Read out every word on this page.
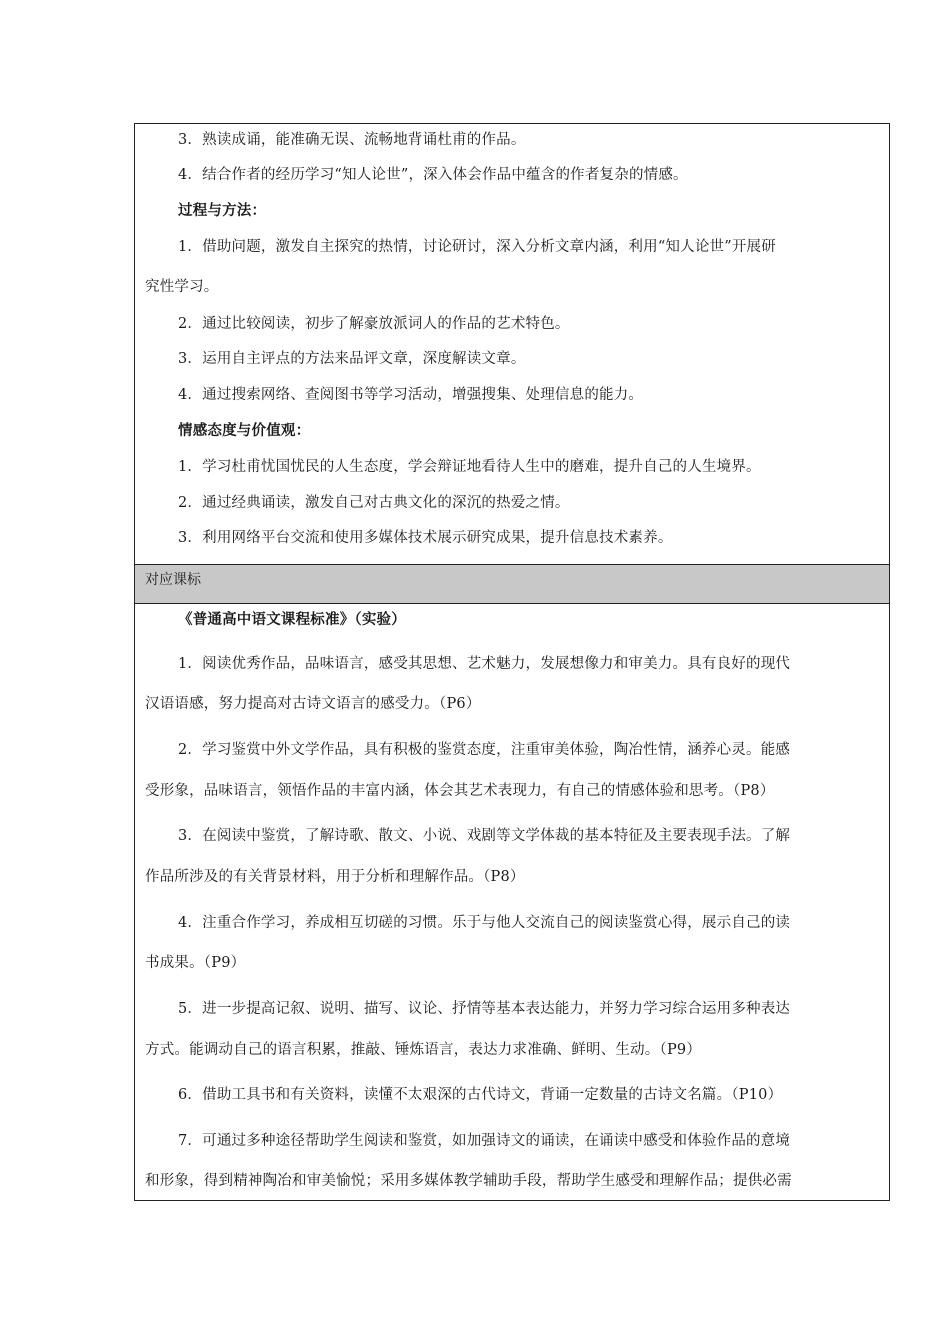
3．熟读成诵，能准确无误、流畅地背诵杜甫的作品。
4．结合作者的经历学习“知人论世”，深入体会作品中蕴含的作者复杂的情感。
过程与方法：
1．借助问题，激发自主探究的热情，讨论研讨，深入分析文章内涵，利用“知人论世”开展研
究性学习。
2．通过比较阅读，初步了解豪放派词人的作品的艺术特色。
3．运用自主评点的方法来品评文章，深度解读文章。
4．通过搜索网络、查阅图书等学习活动，增强搜集、处理信息的能力。
情感态度与价值观：
1．学习杜甫忧国忧民的人生态度，学会辩证地看待人生中的磨难，提升自己的人生境界。
2．通过经典诵读，激发自己对古典文化的深沉的热爱之情。
3．利用网络平台交流和使用多媒体技术展示研究成果，提升信息技术素养。
对应课标
《普通高中语文课程标准》（实验）
1．阅读优秀作品，品味语言，感受其思想、艺术魅力，发展想像力和审美力。具有良好的现代
汉语语感，努力提高对古诗文语言的感受力。（P6）
2．学习鉴赏中外文学作品，具有积极的鉴赏态度，注重审美体验，陶冶性情，涵养心灵。能感
受形象，品味语言，领悟作品的丰富内涵，体会其艺术表现力，有自己的情感体验和思考。（P8）
3．在阅读中鉴赏，了解诗歌、散文、小说、戏剧等文学体裁的基本特征及主要表现手法。了解
作品所涉及的有关背景材料，用于分析和理解作品。（P8）
4．注重合作学习，养成相互切磋的习惯。乐于与他人交流自己的阅读鉴赏心得，展示自己的读
书成果。（P9）
5．进一步提高记叙、说明、描写、议论、抒情等基本表达能力，并努力学习综合运用多种表达
方式。能调动自己的语言积累，推敲、锤炼语言，表达力求准确、鲜明、生动。（P9）
6．借助工具书和有关资料，读懂不太艰深的古代诗文，背诵一定数量的古诗文名篇。（P10）
7．可通过多种途径帮助学生阅读和鉴赏，如加强诗文的诵读，在诵读中感受和体验作品的意境
和形象，得到精神陶冶和审美愉悦；采用多媒体教学辅助手段，帮助学生感受和理解作品；提供必需
